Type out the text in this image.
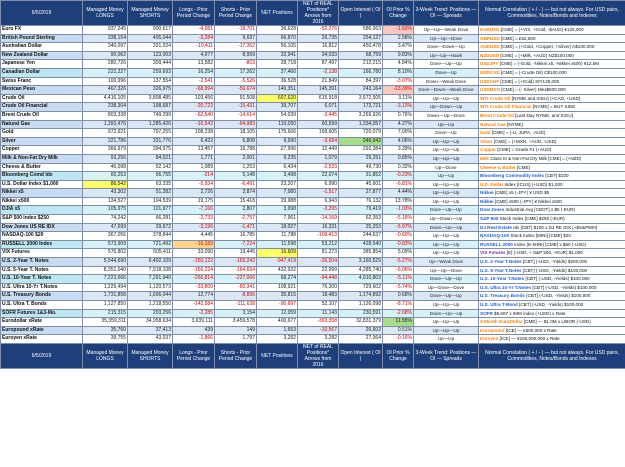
6/5/2019	Managed Money LONGS	Managed Money SHORTS	Longs - Prior Period Change	Shorts - Prior Period Change	NET Positions	NET of REAL Positions* Arrows from 2016	Open Interest ( OI )	OI Prior % Change	3-Week Trend: Positions — OI — Spreads	Normal Correlation ( + / - ) — but not always. For USD pairs, Commodities, Notes/Bonds and Indexes
Euro FX	937,245	900,617	-4,081	-18,701	36,628	-52,276	586,063	-1.62%	Up—Up—Weak Dove	EURUSD [CME] = (+VIX, +Gold, -$AUD) €125,000
British Pound Sterling	338,154	405,044	-3,284	9,697	66,870	26,735	254,127	2.58%	Up—Up—Dove	GBPUSD [CME] = £62,500
Australian Dollar	340,097	331,024	-10,411	-17,352	56,105	16,812	450,478	3.47%	Dove—Down—Up	AUDUSD [CME] = (+Gold, +Copper, +Silver) A$100,000
New Zealand Dollar	90,062	123,003	4,977	8,959	32,941	34,033	68,759	9.83%	Up—Up—Hawk	NZDUSD [CME] = (+Milk, +AUD) NZ$100,000
Japanese Yen	280,726	309,444	13,582	-803	28,718	87,497	212,215	4.84%	Dove—Up—Up	USDJPY [CME] = (-Gold, -Nikkei x5, -Nikkei x500) ¥12.5M
Canadian Dollar	222,227	259,693	16,254	17,262	37,466	-2,138	166,780	8.10%	Dove—Up	USDCAD [CME] = (-Crude Oil) C$100,000
Swiss Franc	100,996	137,554	-2,541	-5,526	36,528	21,849	84,397	-3.07%	Down—Weak Dove	USDCHF [CME] = (+Gold) SFr125,000
Mexican Peso	467,326	326,975	-68,994	-56,674	140,351	145,391	243,164	-13.39%	Dove—Down—Weak Dove	USDMXN [CME] = (- Silver) Mex$500,000
Crude Oil	4,416,105	3,808,485	103,456	91,508	607,620	615,918	3,672,505	3.11%	Up—Up—Up	WTI Crude Oil [NYME and ICEU] (+CAD, +USD)
Crude Oil Financial	238,304	198,687	-20,722	-15,431	39,707	6,071	173,721	-3.13%	Up—Down—Up	WTI Crude Oil Financial [NYME] = BUY SIDE
Brent Crude Oil	803,338	749,299	-62,540	-14,614	54,039	-3,445	3,269,926	0.76%	Down—Up—Dove	Brent Crude Oil [Last Day NYME, and ICEU]
Natural Gas	1,393,476	1,285,426	-10,542	-94,983	110,050	60,599	1,334,057	4.27%	Up—Up	Natural Gas [NYME]
Gold	972,921	797,255	108,238	18,105	175,666	168,605	720,079	7.00%	Dove—Up	Gold [CME] = (-U, JUPA, -AUD)
Silver	321,786	331,776	6,422	6,808	9,990	-3,684	246,942	4.06%	Up—Up—Up	Silver [CME] = (+MXN, +AUD, -USD)
Copper	366,979	394,975	13,457	16,788	27,996	12,449	292,384	3.39%	Up—Up—Up	Copper [CME] = Grade #1 (+AUD)
Milk & Non-Fat Dry Milk	93,256	84,021	1,771	2,001	9,235	1,079	29,251	0.85%	Up—Up—Up	Milk Class III & Non-Fat Dry Milk [CME] = (+NZD)
Cheese & Butter	46,098	52,142	1,089	1,253	6,434	-2,533	49,730	0.32%	Up—Dove	Cheese & Butter [CME]
Bloomberg Comd Idx	60,253	56,755	-214	5,148	3,498	22,074	31,852	-0.23%	Up—Up	Bloomberg Commodity Index [CBT] $100
U.S. Dollar Index $1,000	86,542	63,335	-5,934	-6,491	23,207	6,990	45,601	-6.81%	Up—Up—Up	U.S. Dollar Index [ICUS] (+USD) $1,000
Nikkei x5	43,302	51,282	2,726	3,874	7,980	-1,517	27,877	4.44%	Up—Up—Up	Nikkei [CME] x5 (-JPY) ¥ USD $5
Nikkei x500	134,527	104,539	19,175	15,418	29,988	6,943	76,132	13.78%	Up—Up—Up	Nikkei [CME] x500 (-JPY) ¥ Nikkei x500
DJIA x5	105,975	101,977	-7,166	2,807	3,998	-3,295	79,419	-1.03%	Dove—Up—Up	Dow Jones Industrial Avg [CBOT] x $5 (-EUR)
S&P 500 Index $250	74,242	66,281	-2,733	-2,757	7,961	-14,169	62,353	-5.18%	Up—Down—Up	S&P 500 Stock Index [CME] $250 (-EUR)
Dow Jones US RE IDX	47,699	29,672	-3,196	-1,471	18,027	16,331	25,253	-5.97%	Down—Up—Up	DJ Real Estate Idx [CBT] $100 x DJ RE IDX (+$S&P500)
NASDAQ-100 $20	367,056	378,844	4,445	16,785	11,788	-109,413	244,637	-0.60%	Up—Up—Up	NASDAQ-100 Stock Index [MINI] [CME] $20
RUSSELL 2000 Index	573,909	721,492	-16,183	-7,224	11,598	53,212	428,540	-0.83%	Up—Up—Up	RUSSELL 2000 Index (E-MINI) [CME] x $50 (-USD)
VIX Futures	576,802	505,411	33,090	19,445	16,609	81,273	385,854	5.09%	Up—Up—Up	VIX Futures [E] (-USD, + S&P 500, +EUR) $1,000
U.S. 2-Year T. Notes	5,544,690	6,492,109	-150,122	-165,242	-947,419	-26,504	3,160,529	-5.27%	Up—Weak Dove	U.S. 2-Year T.Notes [CBT] (-USD, -Yields) $200,000
U.S. 5-Year T. Notes	8,351,040	7,918,108	-156,224	-164,694	432,932	22,999	4,285,740	-6.06%	Up—Up—Dove	U.S. 5-Year T.Notes [CBT] (-USD, -Yields) $100,000
U.S. 10-Year T. Notes	7,223,666	7,291,940	-266,814	-227,066	68,274	-94,448	4,910,803	-5.11%	Dove—Up—Up	U.S. 10-Year T.Notes [CBT] (-USD, -Yields) $100,000
U.S. Ultra 10-Yr T.Notes	1,229,494	1,120,573	-33,800	-60,341	108,921	76,300	729,602	-5.74%	Up—Dove—Dove	U.S. Ultra 10-Yr T.Notes [CBT] (-USD, -Yields) $100,000
U.S. Treasury Bonds	1,731,858	1,696,044	12,774	-8,896	35,815	18,483	1,174,892	0.68%	Dove—Up—Up	U.S. Treasury Bonds [CBT] (-USD, -Yields) $100,000
U.S. Ultra T. Bonds	1,127,850	1,218,550	-142,584	-111,638	-90,697	52,107	1,126,098	-8.71%	Up—Up—Up	U.S. Ultra T-Bond [CBT] (-USD, -Yields) $100,000
SOFR Futures 1&3-Mo.	215,315	203,256	-2,285	3,154	12,059	11,143	230,591	-2.68%	Down—Up—Up	SOFR $6,667 x IMM index (+USD) x Rate
Eurodollar xRate	35,359,311	34,958,634	3,639,111	3,459,578	400,677	-363,358	32,831,379	11.55%	Up—Up—Up	3-Month EuroDollar [CME] — $1.0M x LIBOR (-USD)
Europound xRate	35,760	37,413	439	149	1,653	-10,567	26,602	0.51%	Up—Up—Up	Europound [ICE] — £500,000 x Rate
Euroyen xRate	39,755	43,037	-1,866	1,797	3,282	3,282	27,364	-0.16%	Up—Up	Euroyen [ICE] — ¥100,000,000 x Rate
6/5/2019	Managed Money LONGS	Managed Money SHORTS	Longs - Prior Period Change	Shorts - Prior Period Change	NET Positions	NET of REAL Positions* Arrows from 2016	Open Interest ( OI )	OI Prior % Change	3-Week Trend: Positions — OI — Spreads	Normal Correlation ( + / - ) — but not always. For USD pairs, Commodities, Notes/Bonds and Indexes
